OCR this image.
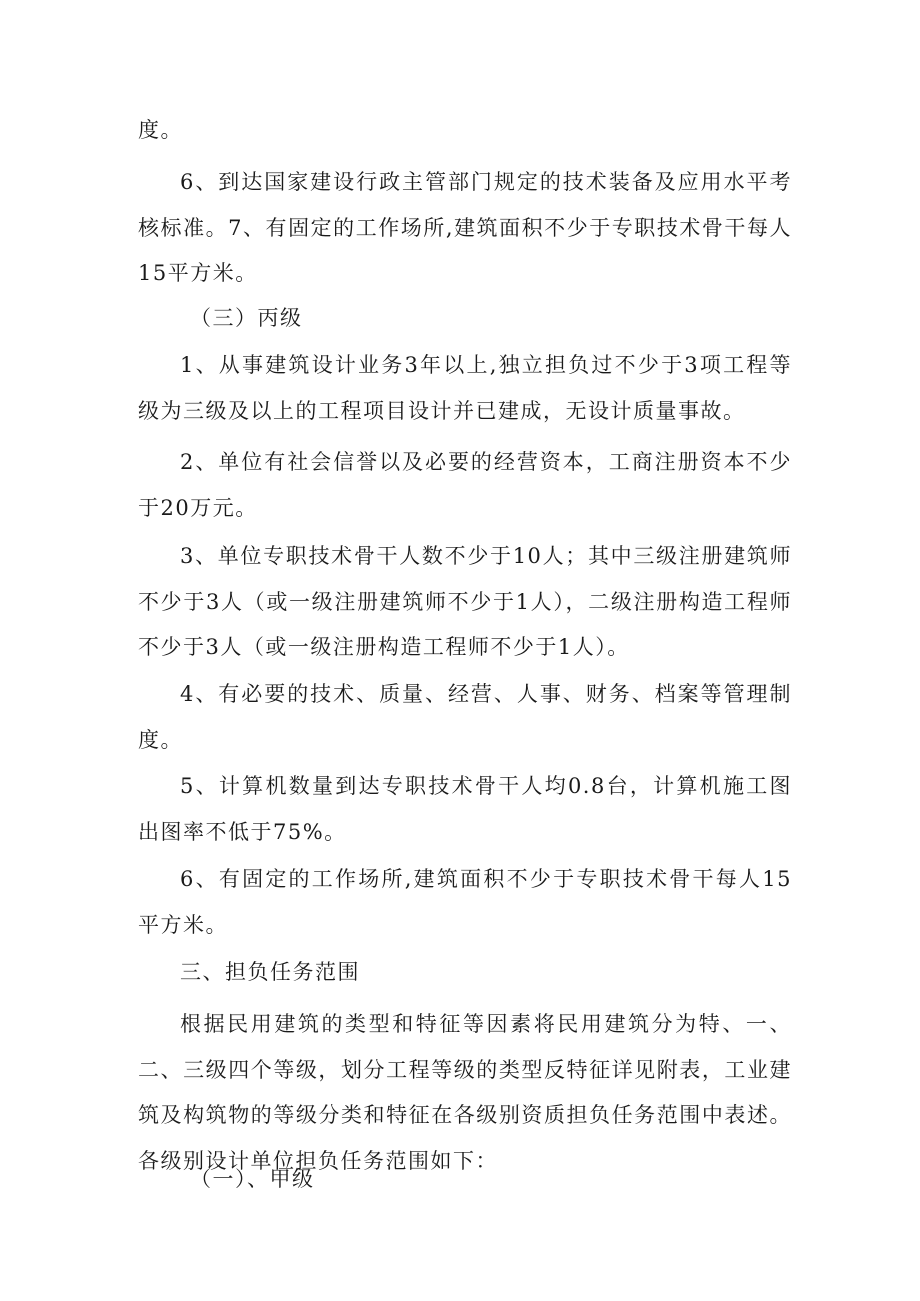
度。

6、到达国家建设行政主管部门规定的技术装备及应用水平考核标准。7、有固定的工作场所,建筑面积不少于专职技术骨干每人15平方米。

（三）丙级

1、从事建筑设计业务3年以上,独立担负过不少于3项工程等级为三级及以上的工程项目设计并已建成，无设计质量事故。

2、单位有社会信誉以及必要的经营资本，工商注册资本不少于20万元。

3、单位专职技术骨干人数不少于10人；其中三级注册建筑师不少于3人（或一级注册建筑师不少于1人），二级注册构造工程师不少于3人（或一级注册构造工程师不少于1人）。

4、有必要的技术、质量、经营、人事、财务、档案等管理制度。

5、计算机数量到达专职技术骨干人均0.8台，计算机施工图出图率不低于75%。

6、有固定的工作场所,建筑面积不少于专职技术骨干每人15平方米。

三、担负任务范围

根据民用建筑的类型和特征等因素将民用建筑分为特、一、二、三级四个等级，划分工程等级的类型反特征详见附表，工业建筑及构筑物的等级分类和特征在各级别资质担负任务范围中表述。各级别设计单位担负任务范围如下：

（一）、甲级
